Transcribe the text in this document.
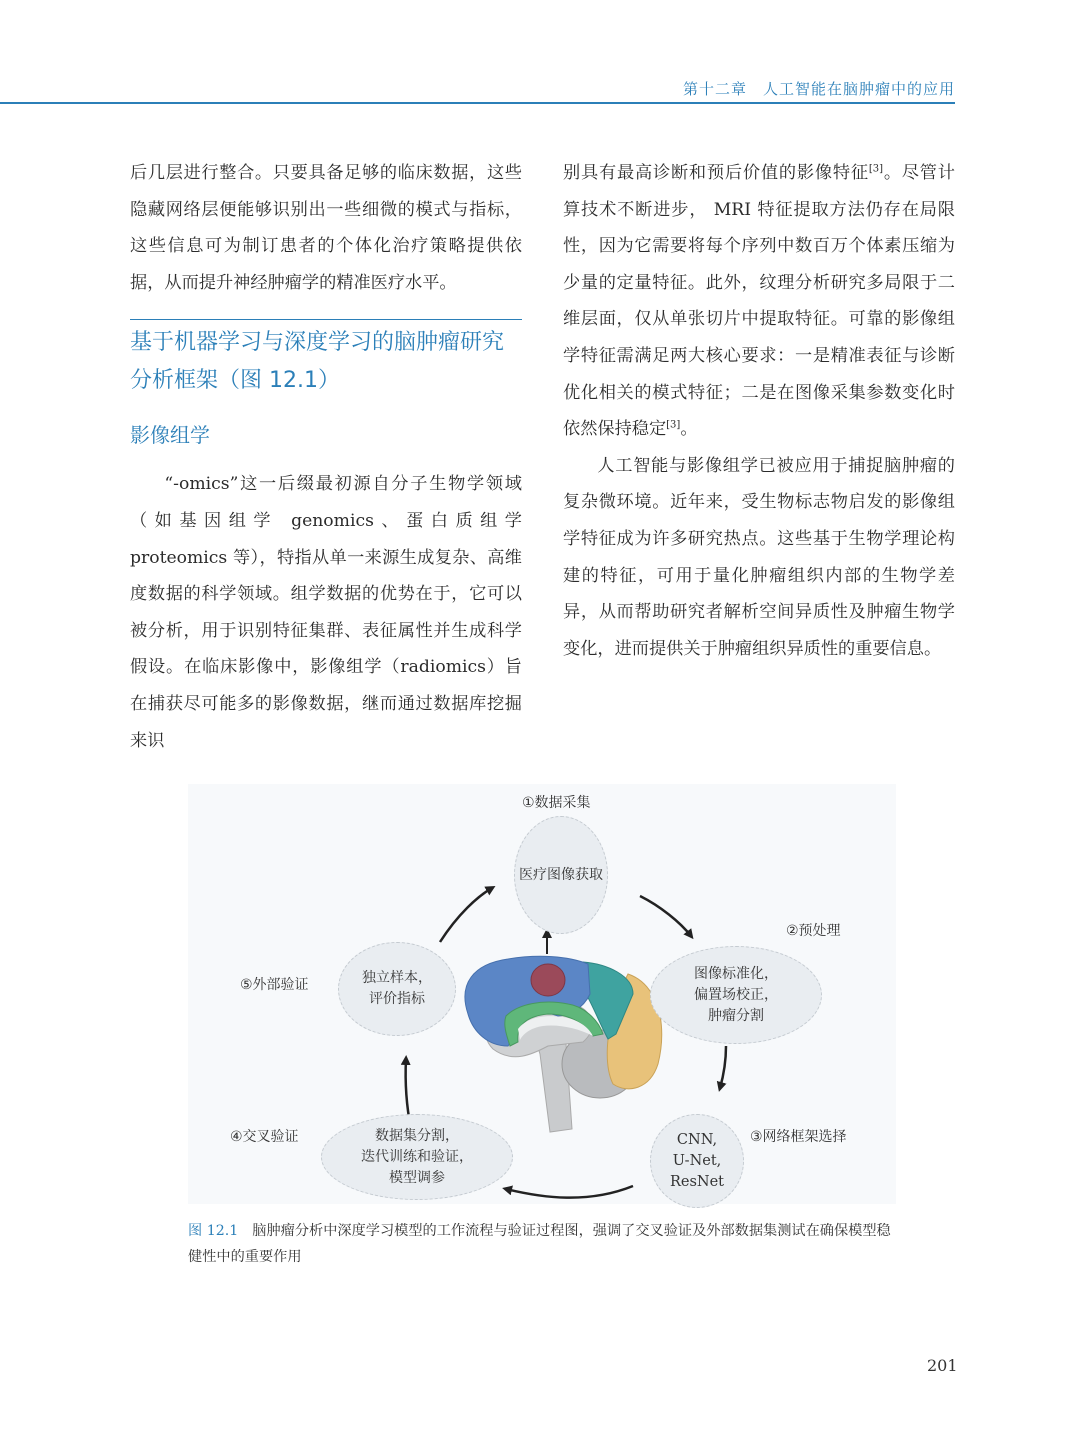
第十二章　人工智能在脑肿瘤中的应用

后几层进行整合。只要具备足够的临床数据，这些隐藏网络层便能够识别出一些细微的模式与指标，这些信息可为制订患者的个体化治疗策略提供依据，从而提升神经肿瘤学的精准医疗水平。

基于机器学习与深度学习的脑肿瘤研究分析框架（图 12.1）
影像组学

“-omics”这一后缀最初源自分子生物学领域（如基因组学 genomics、蛋白质组学 proteomics 等），特指从单一来源生成复杂、高维度数据的科学领域。组学数据的优势在于，它可以被分析，用于识别特征集群、表征属性并生成科学假设。在临床影像中，影像组学（radiomics）旨在捕获尽可能多的影像数据，继而通过数据库挖掘来识

别具有最高诊断和预后价值的影像特征[3]。尽管计算技术不断进步， MRI 特征提取方法仍存在局限性，因为它需要将每个序列中数百万个体素压缩为少量的定量特征。此外，纹理分析研究多局限于二维层面，仅从单张切片中提取特征。可靠的影像组学特征需满足两大核心要求：一是精准表征与诊断优化相关的模式特征；二是在图像采集参数变化时依然保持稳定[3]。

人工智能与影像组学已被应用于捕捉脑肿瘤的复杂微环境。近年来，受生物标志物启发的影像组学特征成为许多研究热点。这些基于生物学理论构建的特征，可用于量化肿瘤组织内部的生物学差异，从而帮助研究者解析空间异质性及肿瘤生物学变化，进而提供关于肿瘤组织异质性的重要信息。

①数据采集
医疗图像获取
②预处理
图像标准化，
偏置场校正，
肿瘤分割
③网络框架选择
CNN,
U-Net,
ResNet
④交叉验证	数据集分割，
迭代训练和验证，
模型调参
⑤外部验证	独立样本，
评价指标
图 12.1 脑肿瘤分析中深度学习模型的工作流程与验证过程图，强调了交叉验证及外部数据集测试在确保模型稳健性中的重要作用
201
